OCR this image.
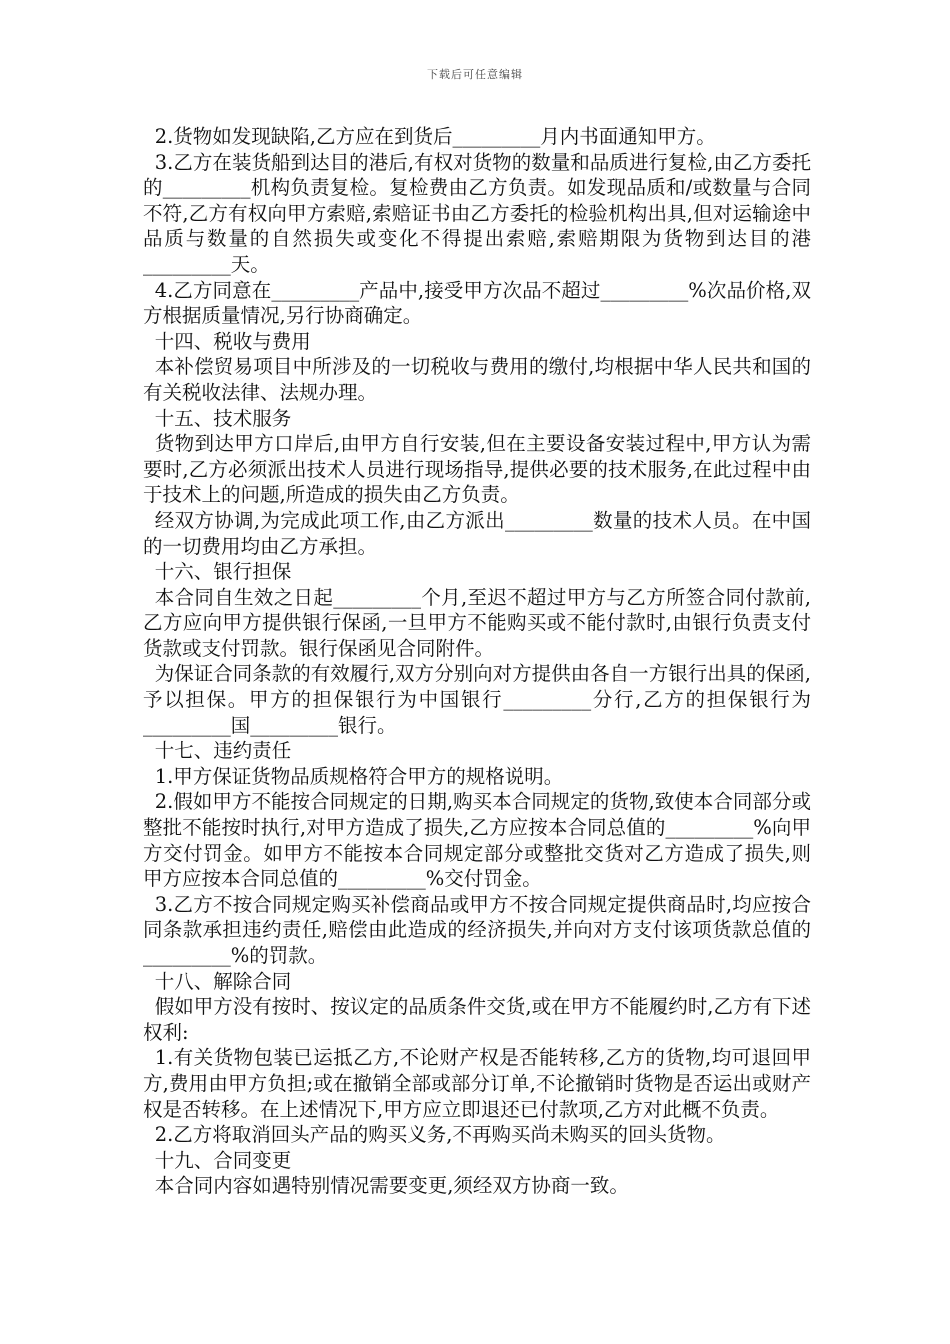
下载后可任意编辑

2.货物如发现缺陷,乙方应在到货后_________月内书面通知甲方。

3.乙方在装货船到达目的港后,有权对货物的数量和品质进行复检,由乙方委托的_________机构负责复检。复检费由乙方负责。如发现品质和/或数量与合同不符,乙方有权向甲方索赔,索赔证书由乙方委托的检验机构出具,但对运输途中品质与数量的自然损失或变化不得提出索赔,索赔期限为货物到达目的港_________天。

4.乙方同意在_________产品中,接受甲方次品不超过_________%次品价格,双方根据质量情况,另行协商确定。

十四、税收与费用

本补偿贸易项目中所涉及的一切税收与费用的缴付,均根据中华人民共和国的有关税收法律、法规办理。

十五、技术服务

货物到达甲方口岸后,由甲方自行安装,但在主要设备安装过程中,甲方认为需要时,乙方必须派出技术人员进行现场指导,提供必要的技术服务,在此过程中由于技术上的问题,所造成的损失由乙方负责。

经双方协调,为完成此项工作,由乙方派出_________数量的技术人员。在中国的一切费用均由乙方承担。

十六、银行担保

本合同自生效之日起_________个月,至迟不超过甲方与乙方所签合同付款前,乙方应向甲方提供银行保函,一旦甲方不能购买或不能付款时,由银行负责支付货款或支付罚款。银行保函见合同附件。

为保证合同条款的有效履行,双方分别向对方提供由各自一方银行出具的保函,予以担保。甲方的担保银行为中国银行_________分行,乙方的担保银行为_________国_________银行。

十七、违约责任

1.甲方保证货物品质规格符合甲方的规格说明。

2.假如甲方不能按合同规定的日期,购买本合同规定的货物,致使本合同部分或整批不能按时执行,对甲方造成了损失,乙方应按本合同总值的_________%向甲方交付罚金。如甲方不能按本合同规定部分或整批交货对乙方造成了损失,则甲方应按本合同总值的_________%交付罚金。

3.乙方不按合同规定购买补偿商品或甲方不按合同规定提供商品时,均应按合同条款承担违约责任,赔偿由此造成的经济损失,并向对方支付该项货款总值的_________%的罚款。

十八、解除合同

假如甲方没有按时、按议定的品质条件交货,或在甲方不能履约时,乙方有下述权利:

1.有关货物包装已运抵乙方,不论财产权是否能转移,乙方的货物,均可退回甲方,费用由甲方负担;或在撤销全部或部分订单,不论撤销时货物是否运出或财产权是否转移。在上述情况下,甲方应立即退还已付款项,乙方对此概不负责。

2.乙方将取消回头产品的购买义务,不再购买尚未购买的回头货物。

十九、合同变更

本合同内容如遇特别情况需要变更,须经双方协商一致。
